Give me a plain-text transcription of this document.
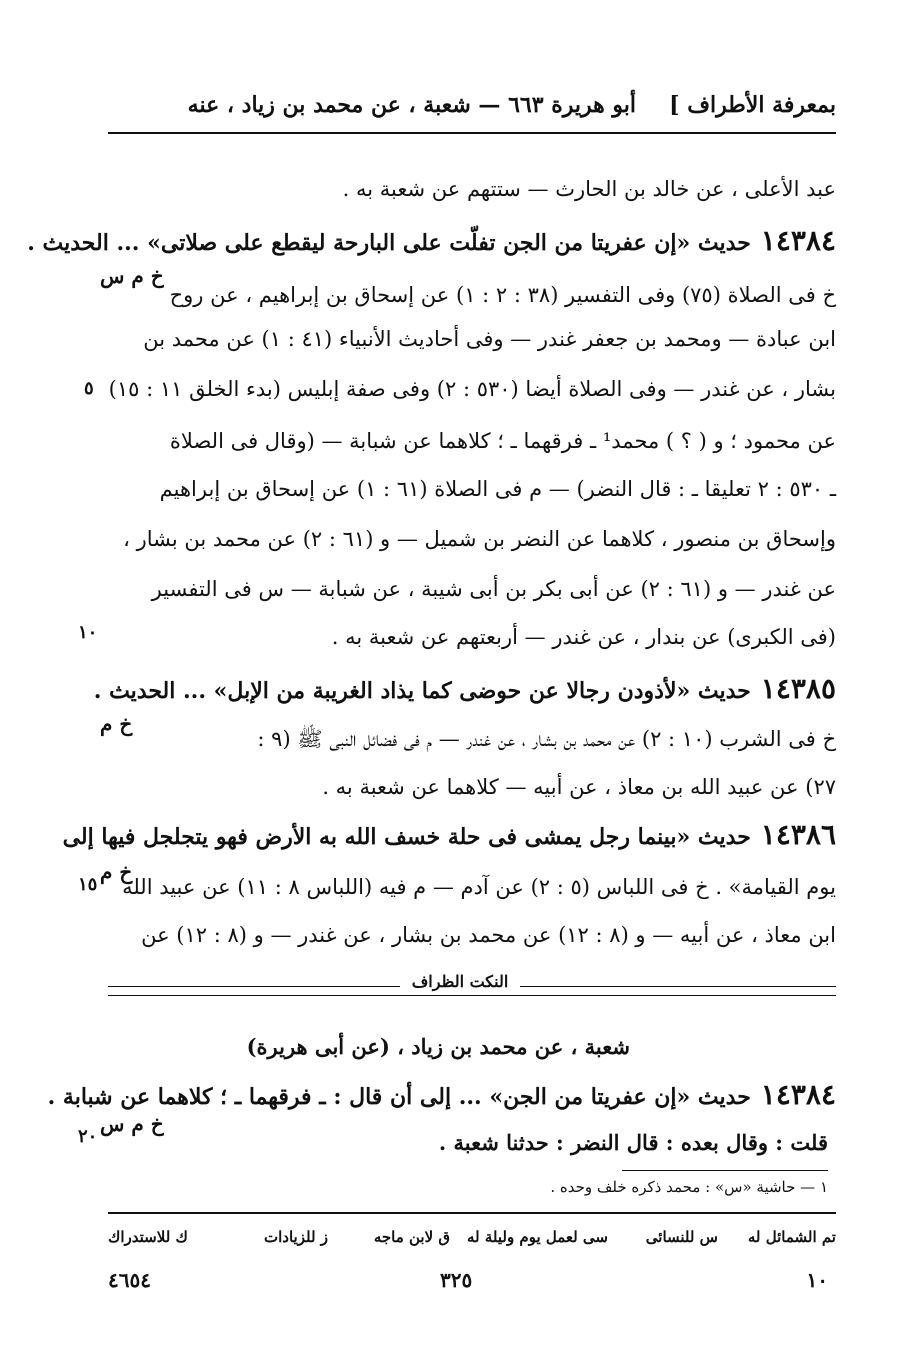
بمعرفة الأطراف ]
أبو هريرة ٦٦٣ — شعبة ، عن محمد بن زياد ، عنه
عبد الأعلى ، عن خالد بن الحارث — ستتهم عن شعبة به .
١٤٣٨٤حديث «إن عفريتا من الجن تفلّت على البارحة ليقطع على صلاتى» ... الحديث .
خ فى الصلاة (٧٥) وفى التفسير (٣٨ : ٢ : ١) عن إسحاق بن إبراهيم ، عن روح
ابن عبادة — ومحمد بن جعفر غندر — وفى أحاديث الأنبياء (٤١ : ١) عن محمد بن
بشار ، عن غندر — وفى الصلاة أيضا (٥٣٠ : ٢) وفى صفة إبليس (بدء الخلق ١١ : ١٥)
عن محمود ؛ و ( ؟ ) محمد¹ ـ فرقهما ـ ؛ كلاهما عن شبابة — (وقال فى الصلاة
ـ ٥٣٠ : ٢ تعليقا ـ : قال النضر) — م فى الصلاة (٦١ : ١) عن إسحاق بن إبراهيم
وإسحاق بن منصور ، كلاهما عن النضر بن شميل — و (٦١ : ٢) عن محمد بن بشار ،
عن غندر — و (٦١ : ٢) عن أبى بكر بن أبى شيبة ، عن شبابة — س فى التفسير
(فى الكبرى) عن بندار ، عن غندر — أربعتهم عن شعبة به .
١٤٣٨٥حديث «لأذودن رجالا عن حوضى كما يذاد الغريبة من الإبل» ... الحديث .
خ فى الشرب (١٠ : ٢) عن محمد بن بشار ، عن غندر — م فى فضائل النبى ﷺ (٩ :
٢٧) عن عبيد الله بن معاذ ، عن أبيه — كلاهما عن شعبة به .
١٤٣٨٦حديث «بينما رجل يمشى فى حلة خسف الله به الأرض فهو يتجلجل فيها إلى
يوم القيامة» . خ فى اللباس (٥ : ٢) عن آدم — م فيه (اللباس ٨ : ١١) عن عبيد الله
ابن معاذ ، عن أبيه — و (٨ : ١٢) عن محمد بن بشار ، عن غندر — و (٨ : ١٢) عن
خ م س
خ م
خ م
خ م س
٥
١٠
١٥
٢٠
النكت الظراف
شعبة ، عن محمد بن زياد ، (عن أبى هريرة)
١٤٣٨٤حديث «إن عفريتا من الجن» ... إلى أن قال : ـ فرقهما ـ ؛ كلاهما عن شبابة .
قلت : وقال بعده : قال النضر : حدثنا شعبة .
١ — حاشية «س» : محمد ذكره خلف وحده .
تم الشمائل له
س للنسائى
سى لعمل يوم وليلة له
ق لابن ماجه
ز للزيادات
ك للاستدراك
١٠
٣٢٥
٤٦٥٤
